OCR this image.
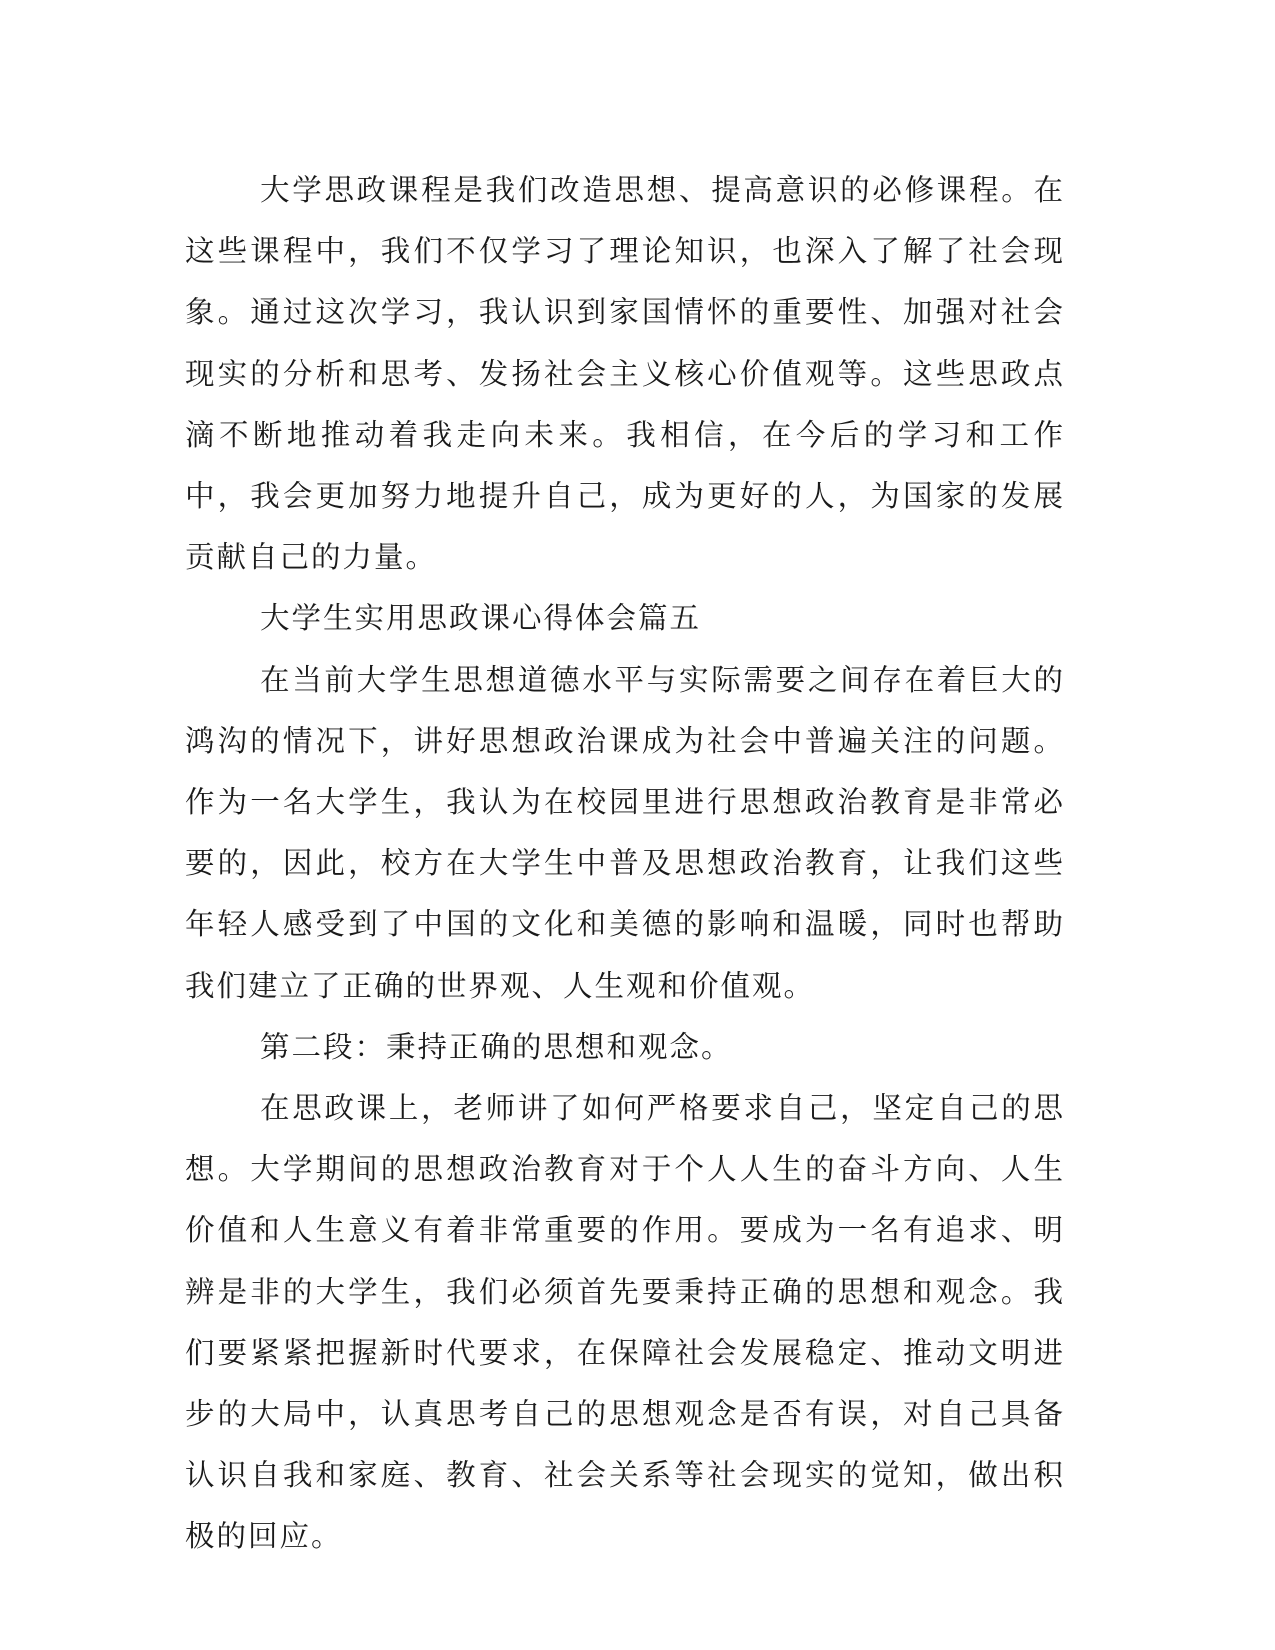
大学思政课程是我们改造思想、提高意识的必修课程。在这些课程中，我们不仅学习了理论知识，也深入了解了社会现象。通过这次学习，我认识到家国情怀的重要性、加强对社会现实的分析和思考、发扬社会主义核心价值观等。这些思政点滴不断地推动着我走向未来。我相信，在今后的学习和工作中，我会更加努力地提升自己，成为更好的人，为国家的发展贡献自己的力量。

大学生实用思政课心得体会篇五

在当前大学生思想道德水平与实际需要之间存在着巨大的鸿沟的情况下，讲好思想政治课成为社会中普遍关注的问题。作为一名大学生，我认为在校园里进行思想政治教育是非常必要的，因此，校方在大学生中普及思想政治教育，让我们这些年轻人感受到了中国的文化和美德的影响和温暖，同时也帮助我们建立了正确的世界观、人生观和价值观。

第二段：秉持正确的思想和观念。

在思政课上，老师讲了如何严格要求自己，坚定自己的思想。大学期间的思想政治教育对于个人人生的奋斗方向、人生价值和人生意义有着非常重要的作用。要成为一名有追求、明辨是非的大学生，我们必须首先要秉持正确的思想和观念。我们要紧紧把握新时代要求，在保障社会发展稳定、推动文明进步的大局中，认真思考自己的思想观念是否有误，对自己具备认识自我和家庭、教育、社会关系等社会现实的觉知，做出积极的回应。
